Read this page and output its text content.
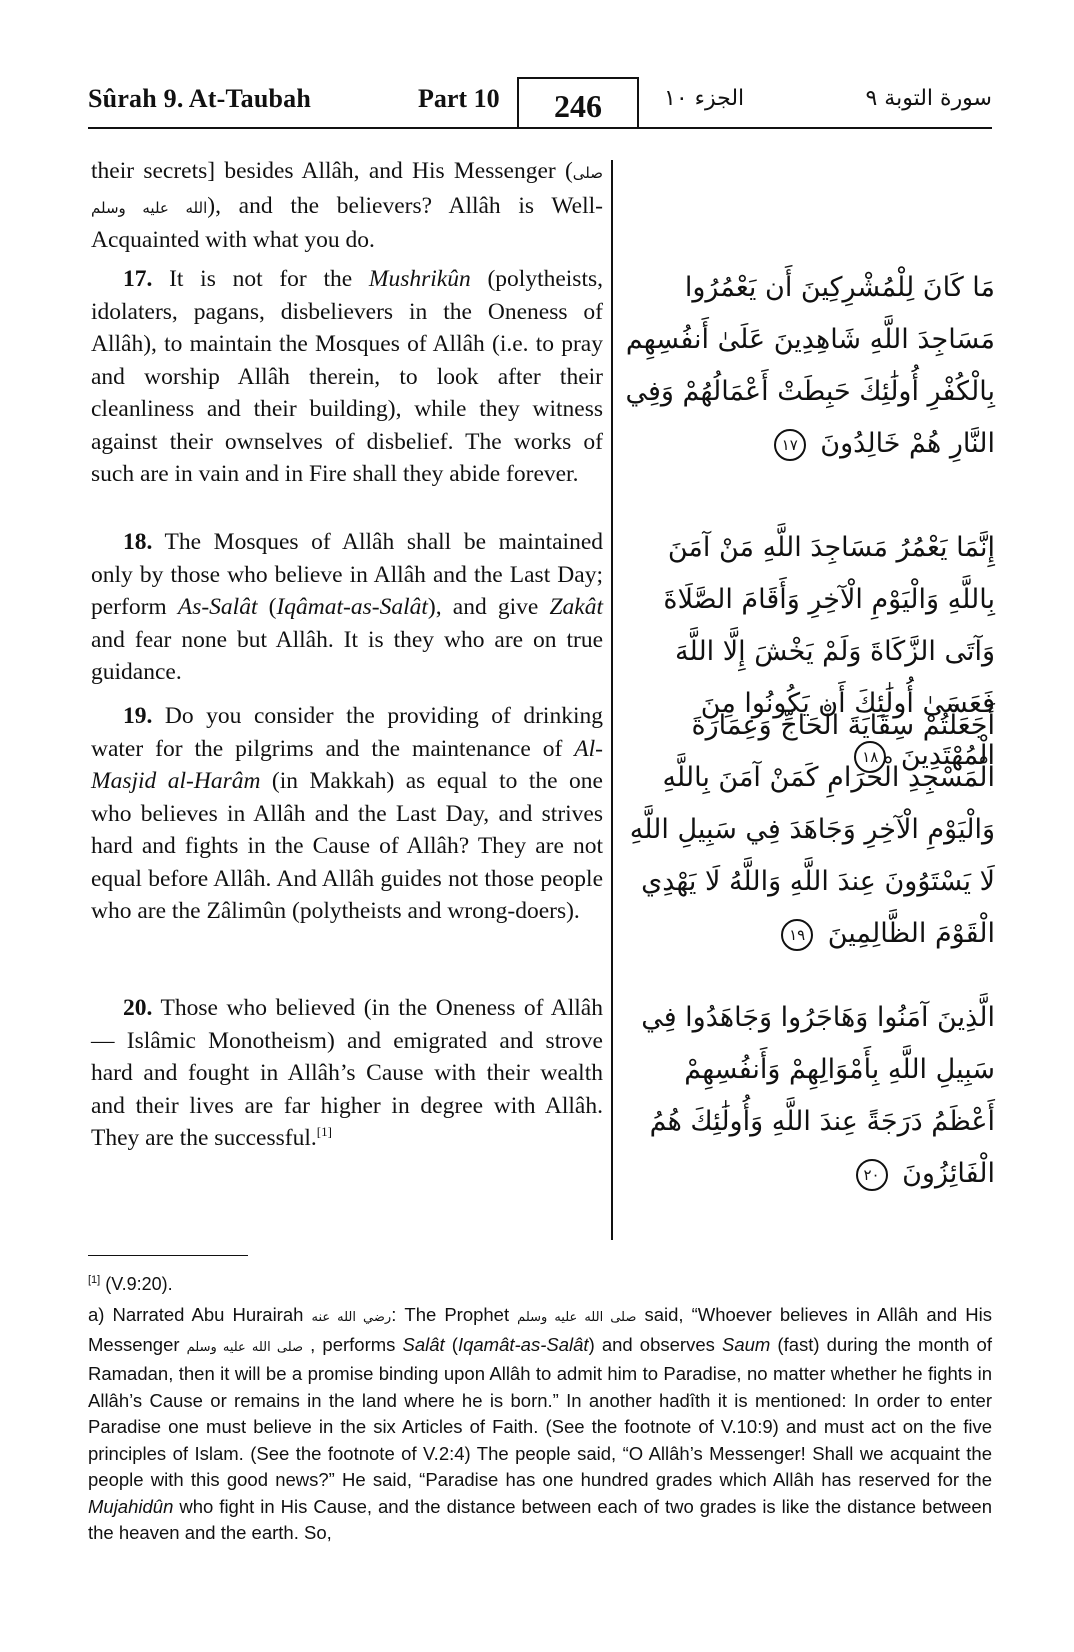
Sûrah 9. At-Taubah	Part 10	246	الجزء ١٠	سورة التوبة ٩
their secrets] besides Allâh, and His Messenger (صلى الله عليه وسلم), and the believers? Allâh is Well-Acquainted with what you do.
17. It is not for the Mushrikûn (polytheists, idolaters, pagans, disbelievers in the Oneness of Allâh), to maintain the Mosques of Allâh (i.e. to pray and worship Allâh therein, to look after their cleanliness and their building), while they witness against their ownselves of disbelief. The works of such are in vain and in Fire shall they abide forever.
18. The Mosques of Allâh shall be maintained only by those who believe in Allâh and the Last Day; perform As-Salât (Iqâmat-as-Salât), and give Zakât and fear none but Allâh. It is they who are on true guidance.
19. Do you consider the providing of drinking water for the pilgrims and the maintenance of Al-Masjid al-Harâm (in Makkah) as equal to the one who believes in Allâh and the Last Day, and strives hard and fights in the Cause of Allâh? They are not equal before Allâh. And Allâh guides not those people who are the Zâlimûn (polytheists and wrong-doers).
20. Those who believed (in the Oneness of Allâh — Islâmic Monotheism) and emigrated and strove hard and fought in Allâh’s Cause with their wealth and their lives are far higher in degree with Allâh. They are the successful.[1]
مَا كَانَ لِلْمُشْرِكِينَ أَن يَعْمُرُوا مَسَاجِدَ اللَّهِ شَاهِدِينَ عَلَىٰ أَنفُسِهِم بِالْكُفْرِ أُولَٰئِكَ حَبِطَتْ أَعْمَالُهُمْ وَفِي النَّارِ هُمْ خَالِدُونَ ١٧
إِنَّمَا يَعْمُرُ مَسَاجِدَ اللَّهِ مَنْ آمَنَ بِاللَّهِ وَالْيَوْمِ الْآخِرِ وَأَقَامَ الصَّلَاةَ وَآتَى الزَّكَاةَ وَلَمْ يَخْشَ إِلَّا اللَّهَ فَعَسَىٰ أُولَٰئِكَ أَن يَكُونُوا مِنَ الْمُهْتَدِينَ ١٨
أَجَعَلْتُمْ سِقَايَةَ الْحَاجِّ وَعِمَارَةَ الْمَسْجِدِ الْحَرَامِ كَمَنْ آمَنَ بِاللَّهِ وَالْيَوْمِ الْآخِرِ وَجَاهَدَ فِي سَبِيلِ اللَّهِ لَا يَسْتَوُونَ عِندَ اللَّهِ وَاللَّهُ لَا يَهْدِي الْقَوْمَ الظَّالِمِينَ ١٩
الَّذِينَ آمَنُوا وَهَاجَرُوا وَجَاهَدُوا فِي سَبِيلِ اللَّهِ بِأَمْوَالِهِمْ وَأَنفُسِهِمْ أَعْظَمُ دَرَجَةً عِندَ اللَّهِ وَأُولَٰئِكَ هُمُ الْفَائِزُونَ ٢٠
[1] (V.9:20).
a) Narrated Abu Hurairah رضي الله عنه: The Prophet صلى الله عليه وسلم said, “Whoever believes in Allâh and His Messenger صلى الله عليه وسلم , performs Salât (Iqamât-as-Salât) and observes Saum (fast) during the month of Ramadan, then it will be a promise binding upon Allâh to admit him to Paradise, no matter whether he fights in Allâh’s Cause or remains in the land where he is born.” In another hadîth it is mentioned: In order to enter Paradise one must believe in the six Articles of Faith. (See the footnote of V.10:9) and must act on the five principles of Islam. (See the footnote of V.2:4) The people said, “O Allâh’s Messenger! Shall we acquaint the people with this good news?” He said, “Paradise has one hundred grades which Allâh has reserved for the Mujahidûn who fight in His Cause, and the distance between each of two grades is like the distance between the heaven and the earth. So,
